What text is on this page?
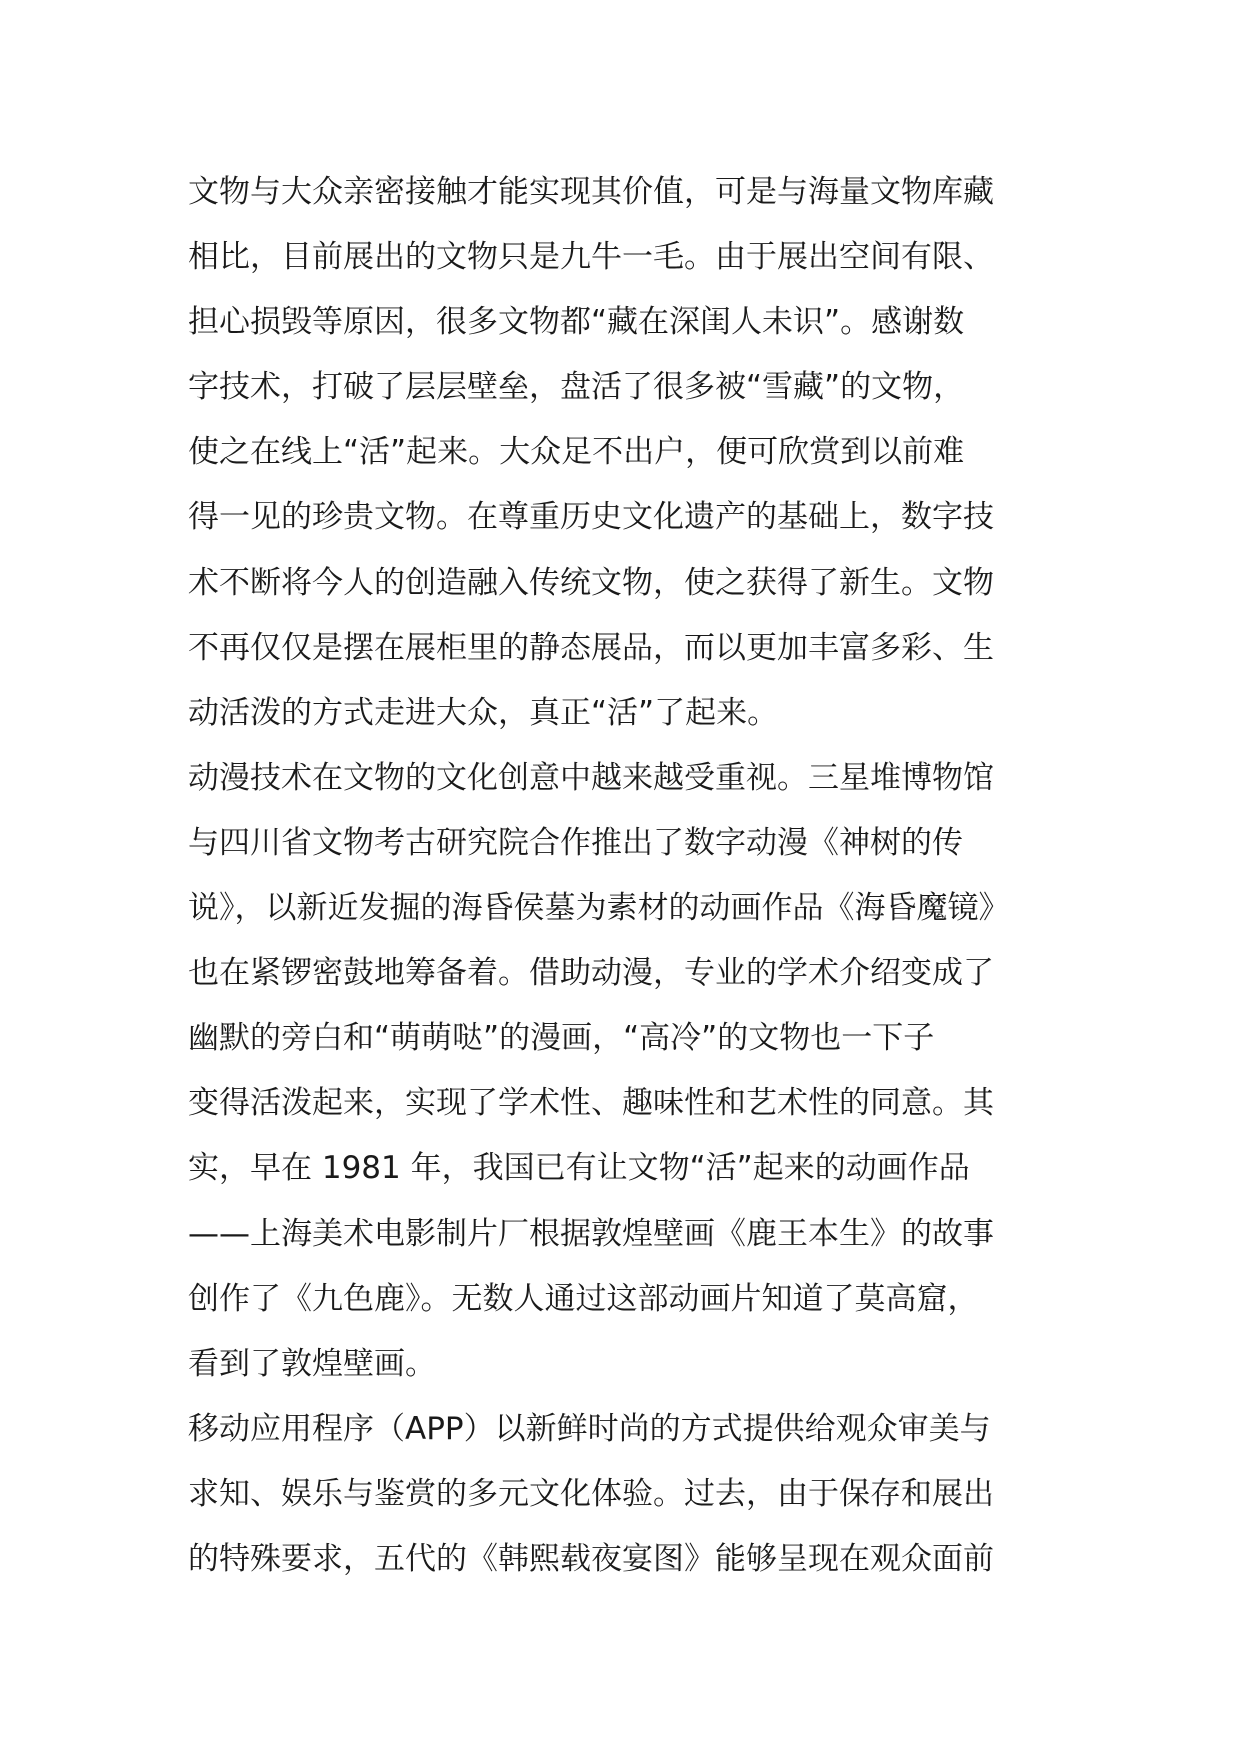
文物与大众亲密接触才能实现其价值，可是与海量文物库藏
相比，目前展出的文物只是九牛一毛。由于展出空间有限、
担心损毁等原因，很多文物都“藏在深闺人未识”。感谢数
字技术，打破了层层壁垒，盘活了很多被“雪藏”的文物，
使之在线上“活”起来。大众足不出户，便可欣赏到以前难
得一见的珍贵文物。在尊重历史文化遗产的基础上，数字技
术不断将今人的创造融入传统文物，使之获得了新生。文物
不再仅仅是摆在展柜里的静态展品，而以更加丰富多彩、生
动活泼的方式走进大众，真正“活”了起来。
动漫技术在文物的文化创意中越来越受重视。三星堆博物馆
与四川省文物考古研究院合作推出了数字动漫《神树的传
说》，以新近发掘的海昏侯墓为素材的动画作品《海昏魔镜》
也在紧锣密鼓地筹备着。借助动漫，专业的学术介绍变成了
幽默的旁白和“萌萌哒”的漫画，“高冷”的文物也一下子
变得活泼起来，实现了学术性、趣味性和艺术性的同意。其
实，早在 1981 年，我国已有让文物“活”起来的动画作品
——上海美术电影制片厂根据敦煌壁画《鹿王本生》的故事
创作了《九色鹿》。无数人通过这部动画片知道了莫高窟，
看到了敦煌壁画。
移动应用程序（APP）以新鲜时尚的方式提供给观众审美与
求知、娱乐与鉴赏的多元文化体验。过去，由于保存和展出
的特殊要求，五代的《韩熙载夜宴图》能够呈现在观众面前
